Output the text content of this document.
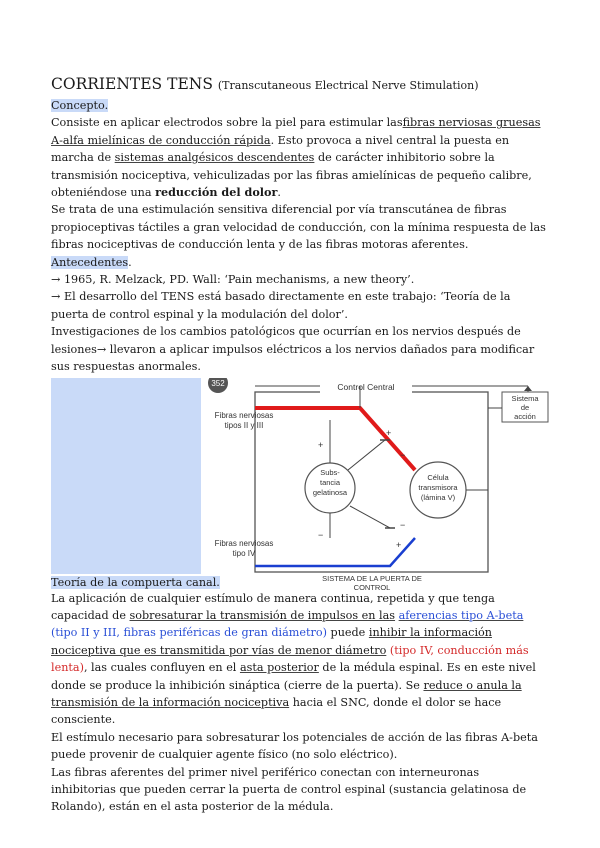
CORRIENTES TENS (Transcutaneous Electrical Nerve Stimulation)

Concepto.

Consiste en aplicar electrodos sobre la piel para estimular lasfibras nerviosas gruesas A-alfa mielínicas de conducción rápida. Esto provoca a nivel central la puesta en marcha de sistemas analgésicos descendentes de carácter inhibitorio sobre la transmisión nociceptiva, vehiculizadas por las fibras amielínicas de pequeño calibre, obteniéndose una reducción del dolor.

Se trata de una estimulación sensitiva diferencial por vía transcutánea de fibras propioceptivas táctiles a gran velocidad de conducción, con la mínima respuesta de las fibras nociceptivas de conducción lenta y de las fibras motoras aferentes.

Antecedentes.

→ 1965, R. Melzack, PD. Wall: ‘Pain mechanisms, a new theory’.

→ El desarrollo del TENS está basado directamente en este trabajo: ‘Teoría de la puerta de control espinal y la modulación del dolor’.

Investigaciones de los cambios patológicos que ocurrían en los nervios después de lesiones→ llevaron a aplicar impulsos eléctricos a los nervios dañados para modificar sus respuestas anormales.

352	Control Central
Sistema
de
acción
Fibras nerviosas
tipos II y III
Subs-
tancia
gelatinosa
Célula
transmisora
(lámina V)
+
+
−
−
−
+
Fibras nerviosas
tipo IV
SISTEMA DE LA PUERTA DE
CONTROL

Teoría de la compuerta canal.

La aplicación de cualquier estímulo de manera continua, repetida y que tenga capacidad de sobresaturar la transmisión de impulsos en las aferencias tipo A-beta (tipo II y III, fibras periféricas de gran diámetro) puede inhibir la información nociceptiva que es transmitida por vías de menor diámetro (tipo IV, conducción más lenta), las cuales confluyen en el asta posterior de la médula espinal. Es en este nivel donde se produce la inhibición sináptica (cierre de la puerta). Se reduce o anula la transmisión de la información nociceptiva hacia el SNC, donde el dolor se hace consciente.

El estímulo necesario para sobresaturar los potenciales de acción de las fibras A-beta puede provenir de cualquier agente físico (no solo eléctrico).

Las fibras aferentes del primer nivel periférico conectan con interneuronas inhibitorias que pueden cerrar la puerta de control espinal (sustancia gelatinosa de Rolando), están en el asta posterior de la médula.
